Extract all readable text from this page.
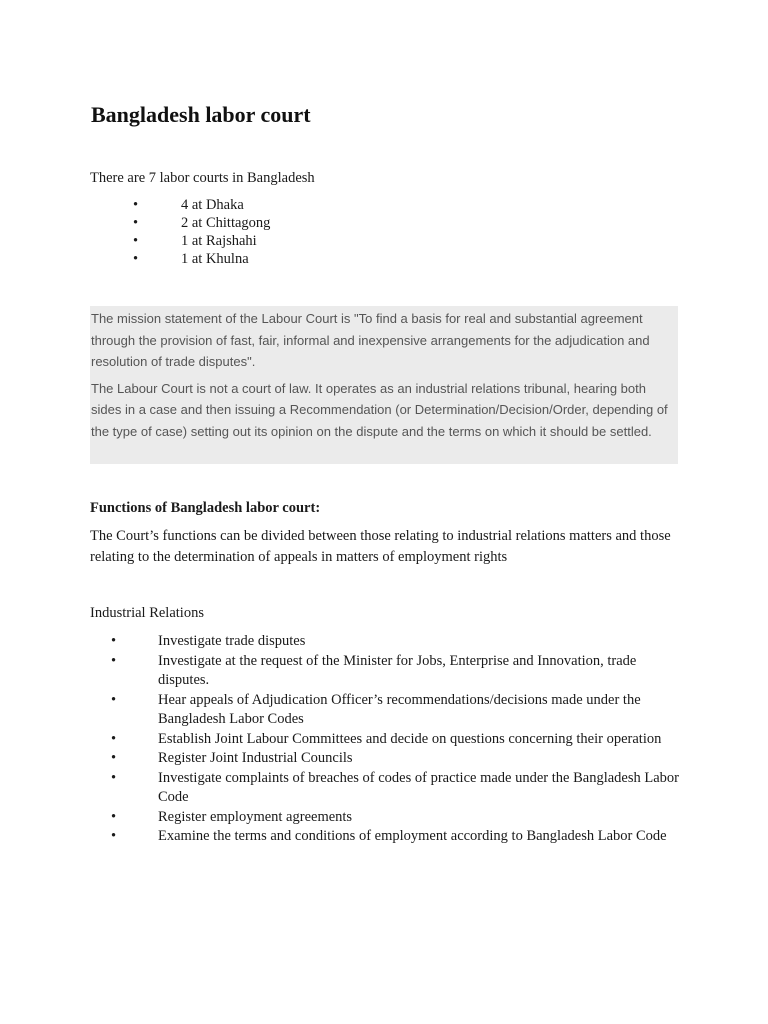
Bangladesh labor court

There are 7 labor courts in Bangladesh

•	4 at Dhaka
•	2 at Chittagong
•	1 at Rajshahi
•	1 at Khulna

The mission statement of the Labour Court is "To find a basis for real and substantial agreement through the provision of fast, fair, informal and inexpensive arrangements for the adjudication and resolution of trade disputes".

The Labour Court is not a court of law. It operates as an industrial relations tribunal, hearing both sides in a case and then issuing a Recommendation (or Determination/Decision/Order, depending of the type of case) setting out its opinion on the dispute and the terms on which it should be settled.

Functions of Bangladesh labor court:

The Court’s functions can be divided between those relating to industrial relations matters and those relating to the determination of appeals in matters of employment rights

Industrial Relations

•	Investigate trade disputes
•	Investigate at the request of the Minister for Jobs, Enterprise and Innovation, trade disputes.
•	Hear appeals of Adjudication Officer’s recommendations/decisions made under the Bangladesh Labor Codes
•	Establish Joint Labour Committees and decide on questions concerning their operation
•	Register Joint Industrial Councils
•	Investigate complaints of breaches of codes of practice made under the Bangladesh Labor Code
•	Register employment agreements
•	Examine the terms and conditions of employment according to Bangladesh Labor Code
